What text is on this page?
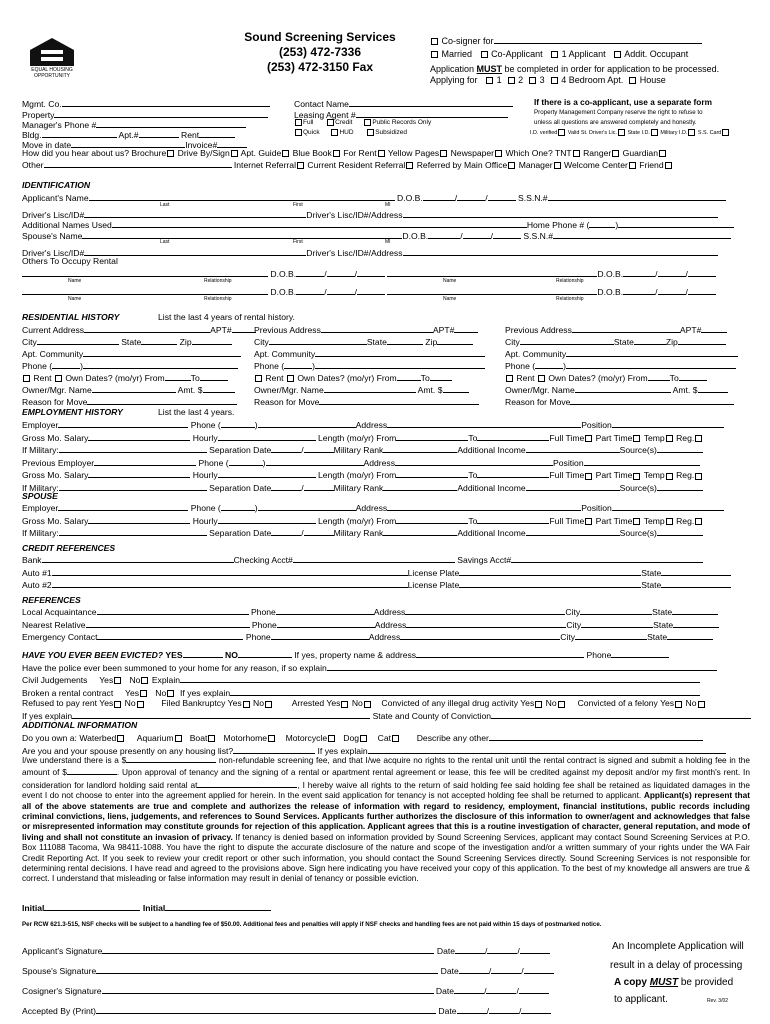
EQUAL HOUSING
OPPORTUNITY
Sound Screening Services
(253) 472-7336
(253) 472-3150 Fax
Co-signer for
Married Co-Applicant 1 Applicant Addit. Occupant
Application MUST be completed in order for application to be processed.
Applying for 1 2 3 4 Bedroom Apt. House
Mgmt. Co.
Property
Manager's Phone #
Bldg.	Apt.#	Rent
Move in date	Invoice#
Contact Name
Leasing Agent #
Full	Credit	Public Records Only
Quick	HUD	Subsidized
If there is a co-applicant, use a separate form
Property Management Company reserve the right to refuse to
unless all questions are answered completely and honestly.
I.D. verified Valid St. Driver's Lic. State I.D. Military I.D. S.S. Card
How did you hear about us? Brochure Drive By/Sign Apt. Guide Blue Book For Rent Yellow Pages Newspaper Which One? TNT Ranger Guardian
Other	Internet Referral Current Resident Referral Referred by Main Office Manager Welcome Center Friend
IDENTIFICATION
Applicant's Name	D.O.B.	/	/	S.S.N.#
Last	First	MI
Driver's Lisc/ID#	Driver's Lisc/ID#/Address
Additional Names Used	Home Phone # (	)
Spouse's Name	D.O.B.	/	/	S.S.N.#
Last	First	MI
Driver's Lisc/ID#	Driver's Lisc/ID#/Address
Others To Occupy Rental
D.O.B.	/	/	D.O.B.	/	/
Name	Relationship	Name	Relationship
D.O.B.	/	/	D.O.B.	/	/
Name	Relationship	Name	Relationship
RESIDENTIAL HISTORY	List the last 4 years of rental history.
Current Address	APT#
City	State	Zip
Apt. Community
Phone (	)
Rent Own Dates? (mo/yr) From	To
Owner/Mgr. Name	Amt. $
Reason for Move
Previous Address	APT#
City	State	Zip
Apt. Community
Phone (	)
Rent Own Dates? (mo/yr) From	To
Owner/Mgr. Name	Amt. $
Reason for Move
Previous Address	APT#
City	State	Zip
Apt. Community
Phone (	)
Rent Own Dates? (mo/yr) From	To
Owner/Mgr. Name	Amt. $
Reason for Move
EMPLOYMENT HISTORY	List the last 4 years.
Employer	Phone (	)	Address	Position
Gross Mo. Salary	Hourly	Length (mo/yr) From	To	Full Time Part Time Temp Reg.
If Military:	Separation Date	/	Military Rank	Additional Income	Source(s)
Previous Employer	Phone (	)	Address	Position
Gross Mo. Salary	Hourly	Length (mo/yr) From	To	Full Time Part Time Temp Reg.
If Military:	Separation Date	/	Military Rank	Additional Income	Source(s)
SPOUSE
Employer	Phone (	)	Address	Position
Gross Mo. Salary	Hourly	Length (mo/yr) From	To	Full Time Part Time Temp Reg.
If Military:	Separation Date	/	Military Rank	Additional Income	Source(s)
CREDIT REFERENCES
Bank	Checking Acct#	Savings Acct#
Auto #1	License Plate	State
Auto #2	License Plate	State
REFERENCES
Local Acquaintance	Phone	Address	City	State
Nearest Relative	Phone	Address	City	State
Emergency Contact	Phone	Address	City	State
HAVE YOU EVER BEEN EVICTED? YES	NO	If yes, property name & address	Phone
Have the police ever been summoned to your home for any reason, if so explain
Civil Judgements Yes No Explain
Broken a rental contract Yes No If yes explain
Refused to pay rent Yes No	Filed Bankruptcy Yes No	Arrested Yes No Convicted of any illegal drug activity Yes No Convicted of a felony Yes No
If yes explain	State and County of Conviction
ADDITIONAL INFORMATION
Do you own a: Waterbed Aquarium Boat Motorhome Motorcycle Dog Cat	Describe any other
Are you and your spouse presently on any housing list?	If yes explain
I/we understand there is a $	non-refundable screening fee, and that I/we acquire no rights to the rental unit until the rental contract is signed and submit a holding fee in the amount of $	. Upon approval of tenancy and the signing of a rental or apartment rental agreement or lease, this fee will be credited against my deposit and/or my first month's rent. In consideration for landlord holding said rental at	, I hereby waive all rights to the return of said holding fee said holding fee shall be retained as liquidated damages in the event I do not choose to enter into the agreement applied for herein. In the event said application for tenancy is not accepted holding fee shall be returned to applicant. Applicant(s) represent that all of the above statements are true and complete and authorizes the release of information with regard to residency, employment, financial institutions, public records including criminal convictions, liens, judgements, and references to Sound Services. Applicants further authorizes the disclosure of this information to owner/agent and acknowledges that false or misrepresented information may constitute grounds for rejection of this application. Applicant agrees that this is a routine investigation of character, general reputation, and mode of living and shall not constitute an invasion of privacy. If tenancy is denied based on information provided by Sound Screening Services, applicant may contact Sound Screening Services at P.O. Box 111088 Tacoma, Wa 98411-1088. You have the right to dispute the accurate disclosure of the nature and scope of the investigation and/or a written summary of your rights under the WA Fair Credit Reporting Act. If you seek to review your credit report or other such information, you should contact the Sound Screening Services directly. Sound Screening Services is not responsible for determining rental decisions. I have read and agreed to the provisions above. Sign here indicating you have received your copy of this application. To the best of my knowledge all answers are true & correct. I understand that misleading or false information may result in denial of tenancy or possible eviction.
Initial	Initial
Per RCW 621.3-515, NSF checks will be subject to a handling fee of $50.00. Additional fees and penalties will apply if NSF checks and handling fees are not paid within 15 days of postmarked notice.
Applicant's Signature	Date	/	/
Spouse's Signature	Date	/	/
Cosigner's Signature	Date	/	/
Accepted By (Print)	Date	/	/
An Incomplete Application will
result in a delay of processing
A copy MUST be provided
to applicant.	Rev. 3/02
